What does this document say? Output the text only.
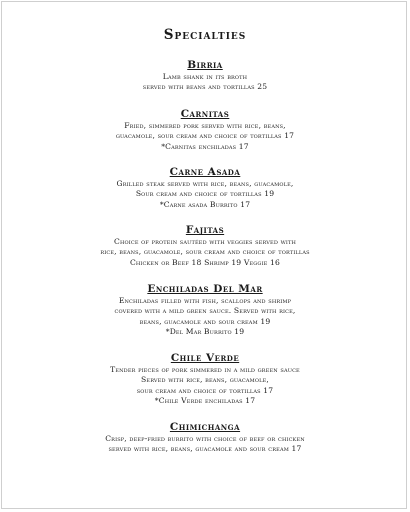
Specialties
Birria
Lamb shank in its broth
served with beans and tortillas 25
Carnitas
Fried, simmered pork served with rice, beans,
guacamole, sour cream and choice of tortillas 17
*Carnitas enchiladas 17
Carne Asada
Grilled steak served with rice, beans, guacamole,
Sour cream and choice of tortillas 19
*Carne asada Burrito 17
Fajitas
Choice of protein sautéed with veggies served with
rice, beans, guacamole, sour cream and choice of tortillas
Chicken or Beef 18 Shrimp 19 Veggie 16
Enchiladas Del Mar
Enchiladas filled with fish, scallops and shrimp
covered with a mild green sauce. Served with rice,
beans, guacamole and sour cream 19
*Del Mar Burrito 19
Chile Verde
Tender pieces of pork simmered in a mild green sauce
Served with rice, beans, guacamole,
sour cream and choice of tortillas 17
*Chile Verde enchiladas 17
Chimichanga
Crisp, deep-fried burrito with choice of beef or chicken
served with rice, beans, guacamole and sour cream 17
